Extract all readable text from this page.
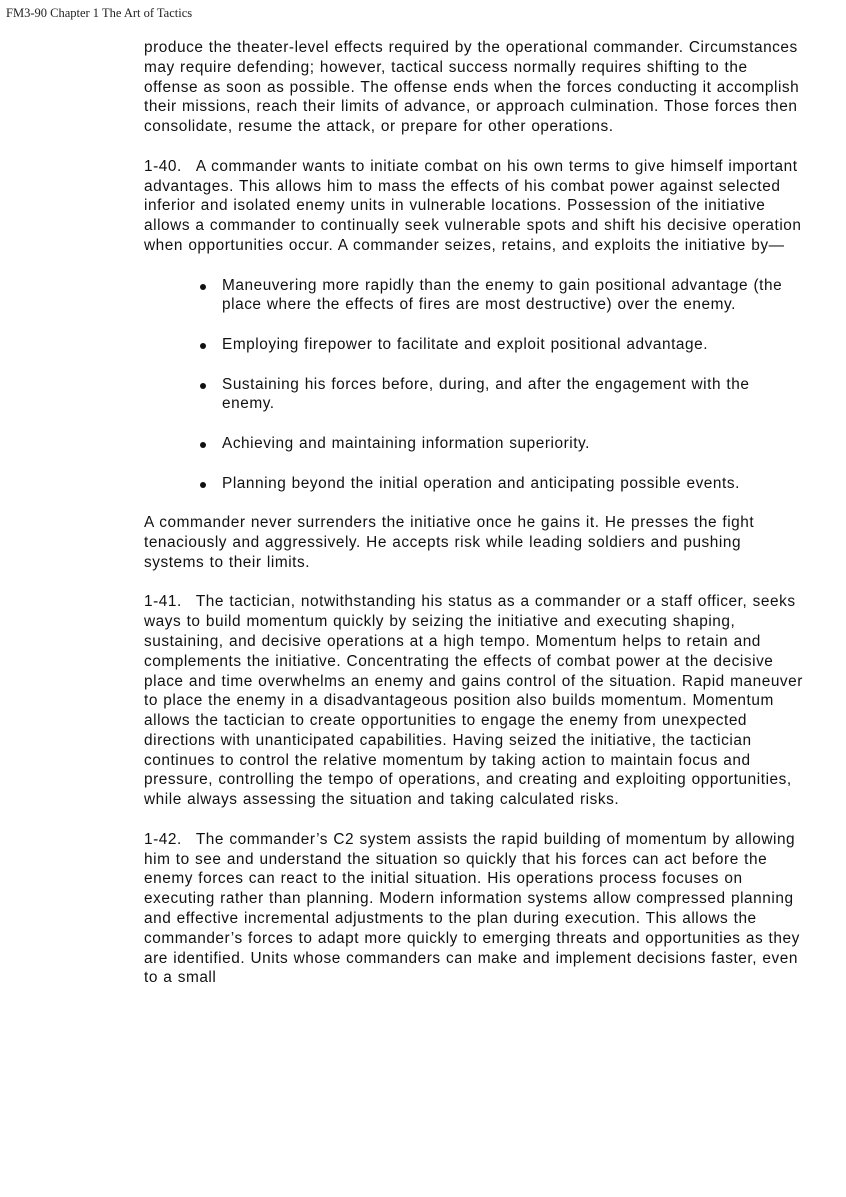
FM3-90 Chapter 1 The Art of Tactics

produce the theater-level effects required by the operational commander. Circumstances may require defending; however, tactical success normally requires shifting to the offense as soon as possible. The offense ends when the forces conducting it accomplish their missions, reach their limits of advance, or approach culmination. Those forces then consolidate, resume the attack, or prepare for other operations.

1-40. A commander wants to initiate combat on his own terms to give himself important advantages. This allows him to mass the effects of his combat power against selected inferior and isolated enemy units in vulnerable locations. Possession of the initiative allows a commander to continually seek vulnerable spots and shift his decisive operation when opportunities occur. A commander seizes, retains, and exploits the initiative by—

Maneuvering more rapidly than the enemy to gain positional advantage (the place where the effects of fires are most destructive) over the enemy.
Employing firepower to facilitate and exploit positional advantage.
Sustaining his forces before, during, and after the engagement with the enemy.
Achieving and maintaining information superiority.
Planning beyond the initial operation and anticipating possible events.

A commander never surrenders the initiative once he gains it. He presses the fight tenaciously and aggressively. He accepts risk while leading soldiers and pushing systems to their limits.

1-41. The tactician, notwithstanding his status as a commander or a staff officer, seeks ways to build momentum quickly by seizing the initiative and executing shaping, sustaining, and decisive operations at a high tempo. Momentum helps to retain and complements the initiative. Concentrating the effects of combat power at the decisive place and time overwhelms an enemy and gains control of the situation. Rapid maneuver to place the enemy in a disadvantageous position also builds momentum. Momentum allows the tactician to create opportunities to engage the enemy from unexpected directions with unanticipated capabilities. Having seized the initiative, the tactician continues to control the relative momentum by taking action to maintain focus and pressure, controlling the tempo of operations, and creating and exploiting opportunities, while always assessing the situation and taking calculated risks.

1-42. The commander’s C2 system assists the rapid building of momentum by allowing him to see and understand the situation so quickly that his forces can act before the enemy forces can react to the initial situation. His operations process focuses on executing rather than planning. Modern information systems allow compressed planning and effective incremental adjustments to the plan during execution. This allows the commander’s forces to adapt more quickly to emerging threats and opportunities as they are identified. Units whose commanders can make and implement decisions faster, even to a small
